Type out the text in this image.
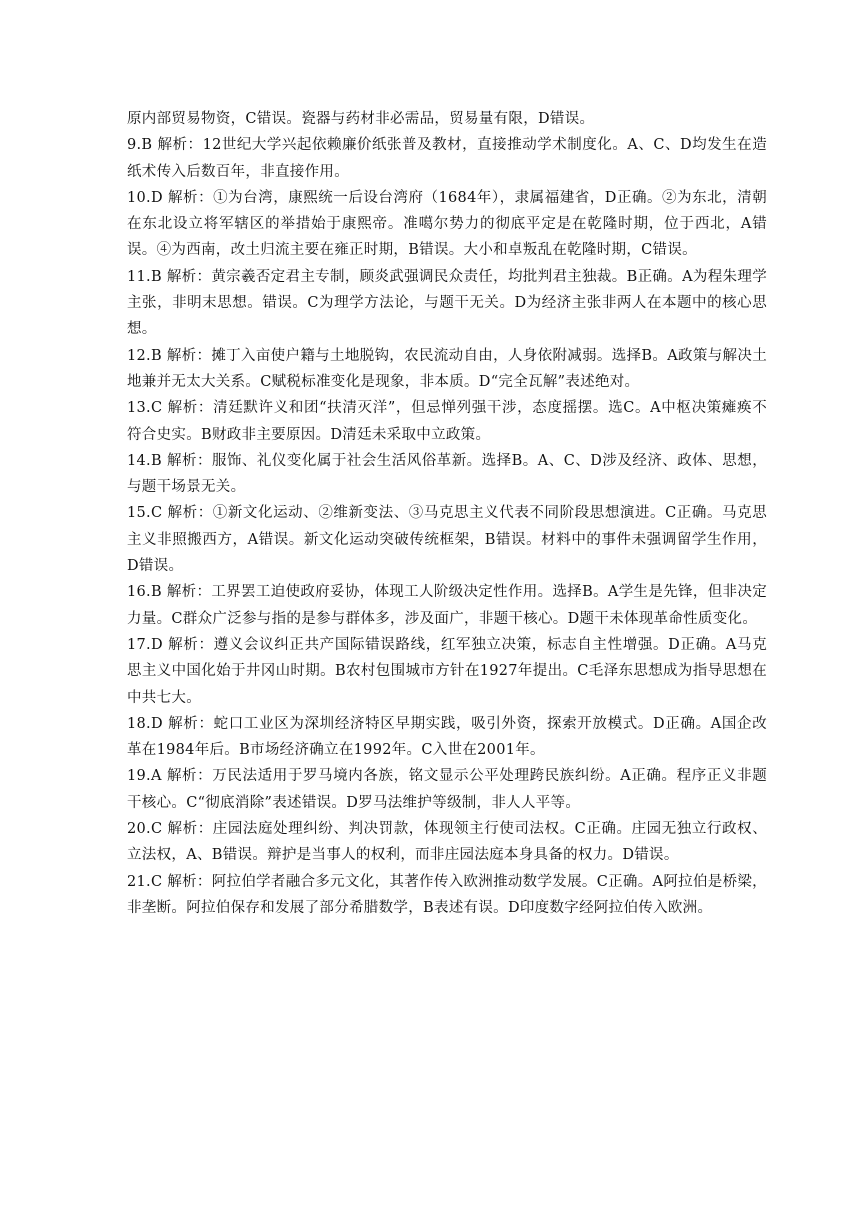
原内部贸易物资，C错误。瓷器与药材非必需品，贸易量有限，D错误。

9.B 解析：12世纪大学兴起依赖廉价纸张普及教材，直接推动学术制度化。A、C、D均发生在造纸术传入后数百年，非直接作用。

10.D 解析：①为台湾，康熙统一后设台湾府（1684年），隶属福建省，D正确。②为东北，清朝在东北设立将军辖区的举措始于康熙帝。准噶尔势力的彻底平定是在乾隆时期，位于西北，A错误。④为西南，改土归流主要在雍正时期，B错误。大小和卓叛乱在乾隆时期，C错误。

11.B 解析：黄宗羲否定君主专制，顾炎武强调民众责任，均批判君主独裁。B正确。A为程朱理学主张，非明末思想。错误。C为理学方法论，与题干无关。D为经济主张非两人在本题中的核心思想。

12.B 解析：摊丁入亩使户籍与土地脱钩，农民流动自由，人身依附减弱。选择B。A政策与解决土地兼并无太大关系。C赋税标准变化是现象，非本质。D“完全瓦解”表述绝对。

13.C 解析：清廷默许义和团“扶清灭洋”，但忌惮列强干涉，态度摇摆。选C。A中枢决策瘫痪不符合史实。B财政非主要原因。D清廷未采取中立政策。

14.B 解析：服饰、礼仪变化属于社会生活风俗革新。选择B。A、C、D涉及经济、政体、思想，与题干场景无关。

15.C 解析：①新文化运动、②维新变法、③马克思主义代表不同阶段思想演进。C正确。马克思主义非照搬西方，A错误。新文化运动突破传统框架，B错误。材料中的事件未强调留学生作用，D错误。

16.B 解析：工界罢工迫使政府妥协，体现工人阶级决定性作用。选择B。A学生是先锋，但非决定力量。C群众广泛参与指的是参与群体多，涉及面广，非题干核心。D题干未体现革命性质变化。

17.D 解析：遵义会议纠正共产国际错误路线，红军独立决策，标志自主性增强。D正确。A马克思主义中国化始于井冈山时期。B农村包围城市方针在1927年提出。C毛泽东思想成为指导思想在中共七大。

18.D 解析：蛇口工业区为深圳经济特区早期实践，吸引外资，探索开放模式。D正确。A国企改革在1984年后。B市场经济确立在1992年。C入世在2001年。

19.A 解析：万民法适用于罗马境内各族，铭文显示公平处理跨民族纠纷。A正确。程序正义非题干核心。C“彻底消除”表述错误。D罗马法维护等级制，非人人平等。

20.C 解析：庄园法庭处理纠纷、判决罚款，体现领主行使司法权。C正确。庄园无独立行政权、立法权，A、B错误。辩护是当事人的权利，而非庄园法庭本身具备的权力。D错误。

21.C 解析：阿拉伯学者融合多元文化，其著作传入欧洲推动数学发展。C正确。A阿拉伯是桥梁，非垄断。阿拉伯保存和发展了部分希腊数学，B表述有误。D印度数字经阿拉伯传入欧洲。
